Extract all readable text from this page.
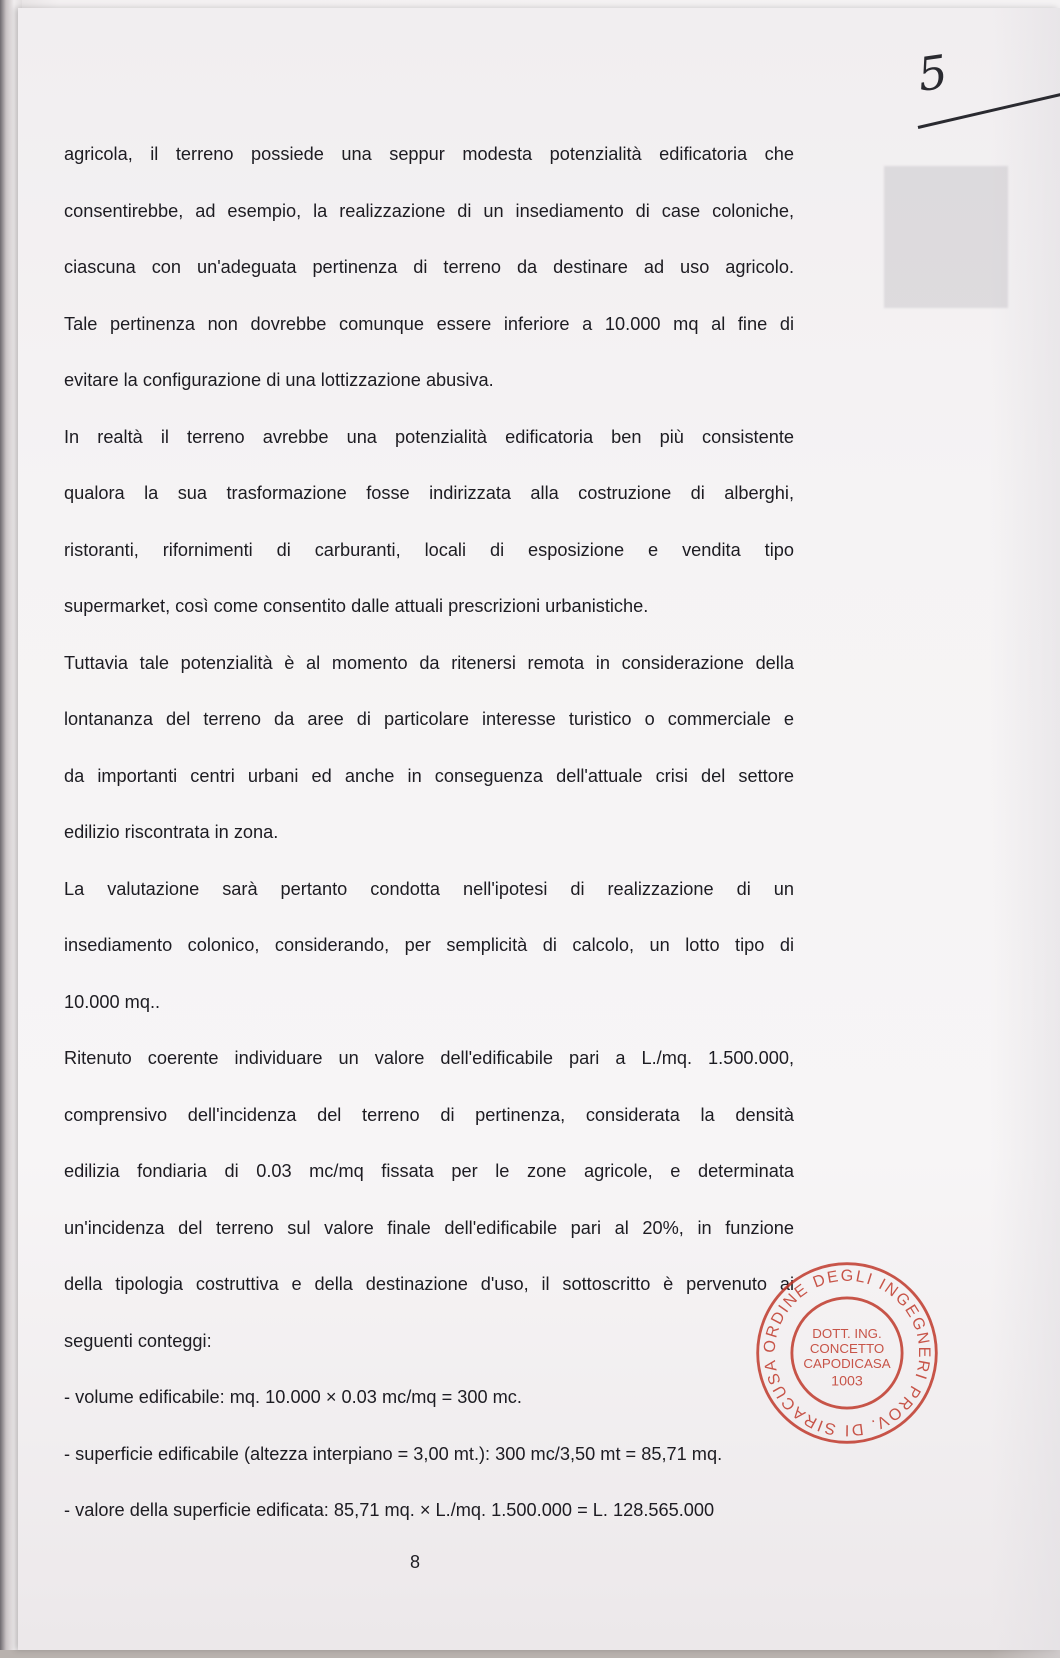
5
agricola, il terreno possiede una seppur modesta potenzialità edificatoria che
consentirebbe, ad esempio, la realizzazione di un insediamento di case coloniche,
ciascuna con un'adeguata pertinenza di terreno da destinare ad uso agricolo.
Tale pertinenza non dovrebbe comunque essere inferiore a 10.000 mq al fine di
evitare la configurazione di una lottizzazione abusiva.
In realtà il terreno avrebbe una potenzialità edificatoria ben più consistente
qualora la sua trasformazione fosse indirizzata alla costruzione di alberghi,
ristoranti, rifornimenti di carburanti, locali di esposizione e vendita tipo
supermarket, così come consentito dalle attuali prescrizioni urbanistiche.
Tuttavia tale potenzialità è al momento da ritenersi remota in considerazione della
lontananza del terreno da aree di particolare interesse turistico o commerciale e
da importanti centri urbani ed anche in conseguenza dell'attuale crisi del settore
edilizio riscontrata in zona.
La valutazione sarà pertanto condotta nell'ipotesi di realizzazione di un
insediamento colonico, considerando, per semplicità di calcolo, un lotto tipo di
10.000 mq..
Ritenuto coerente individuare un valore dell'edificabile pari a L./mq. 1.500.000,
comprensivo dell'incidenza del terreno di pertinenza, considerata la densità
edilizia fondiaria di 0.03 mc/mq fissata per le zone agricole, e determinata
un'incidenza del terreno sul valore finale dell'edificabile pari al 20%, in funzione
della tipologia costruttiva e della destinazione d'uso, il sottoscritto è pervenuto ai
seguenti conteggi:
- volume edificabile: mq. 10.000 × 0.03 mc/mq = 300 mc.
- superficie edificabile (altezza interpiano = 3,00 mt.): 300 mc/3,50 mt = 85,71 mq.
- valore della superficie edificata: 85,71 mq. × L./mq. 1.500.000 = L. 128.565.000
ORDINE DEGLI INGEGNERI PROV. DI SIRACUSA
DOTT. ING.
CONCETTO
CAPODICASA
1003
8
